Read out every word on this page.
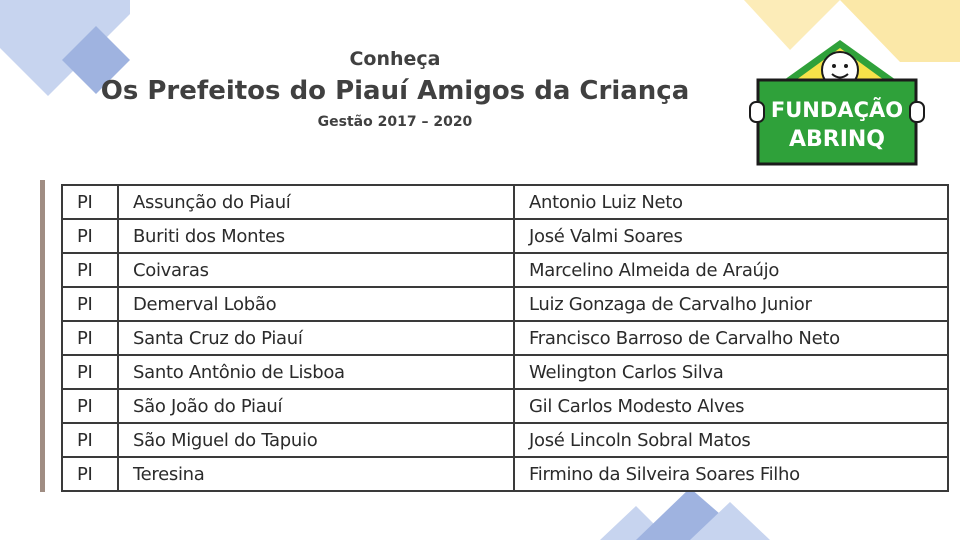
Conheça
Os Prefeitos do Piauí Amigos da Criança
Gestão 2017 – 2020	FUNDAÇÃO
ABRINQ
PI	Assunção do Piauí	Antonio Luiz Neto
PI	Buriti dos Montes	José Valmi Soares
PI	Coivaras	Marcelino Almeida de Araújo
PI	Demerval Lobão	Luiz Gonzaga de Carvalho Junior
PI	Santa Cruz do Piauí	Francisco Barroso de Carvalho Neto
PI	Santo Antônio de Lisboa	Welington Carlos Silva
PI	São João do Piauí	Gil Carlos Modesto Alves
PI	São Miguel do Tapuio	José Lincoln Sobral Matos
PI	Teresina	Firmino da Silveira Soares Filho
